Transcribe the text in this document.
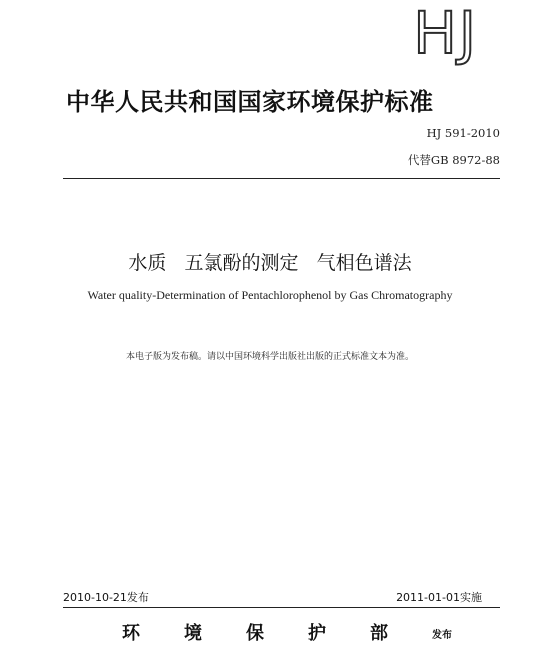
HJ
中华人民共和国国家环境保护标准
HJ 591-2010
代替GB 8972-88
水质   五氯酚的测定   气相色谱法
Water quality-Determination of Pentachlorophenol by Gas Chromatography
本电子版为发布稿。请以中国环境科学出版社出版的正式标准文本为准。
2010-10-21发布	2011-01-01实施
环 境 保 护 部	发布
